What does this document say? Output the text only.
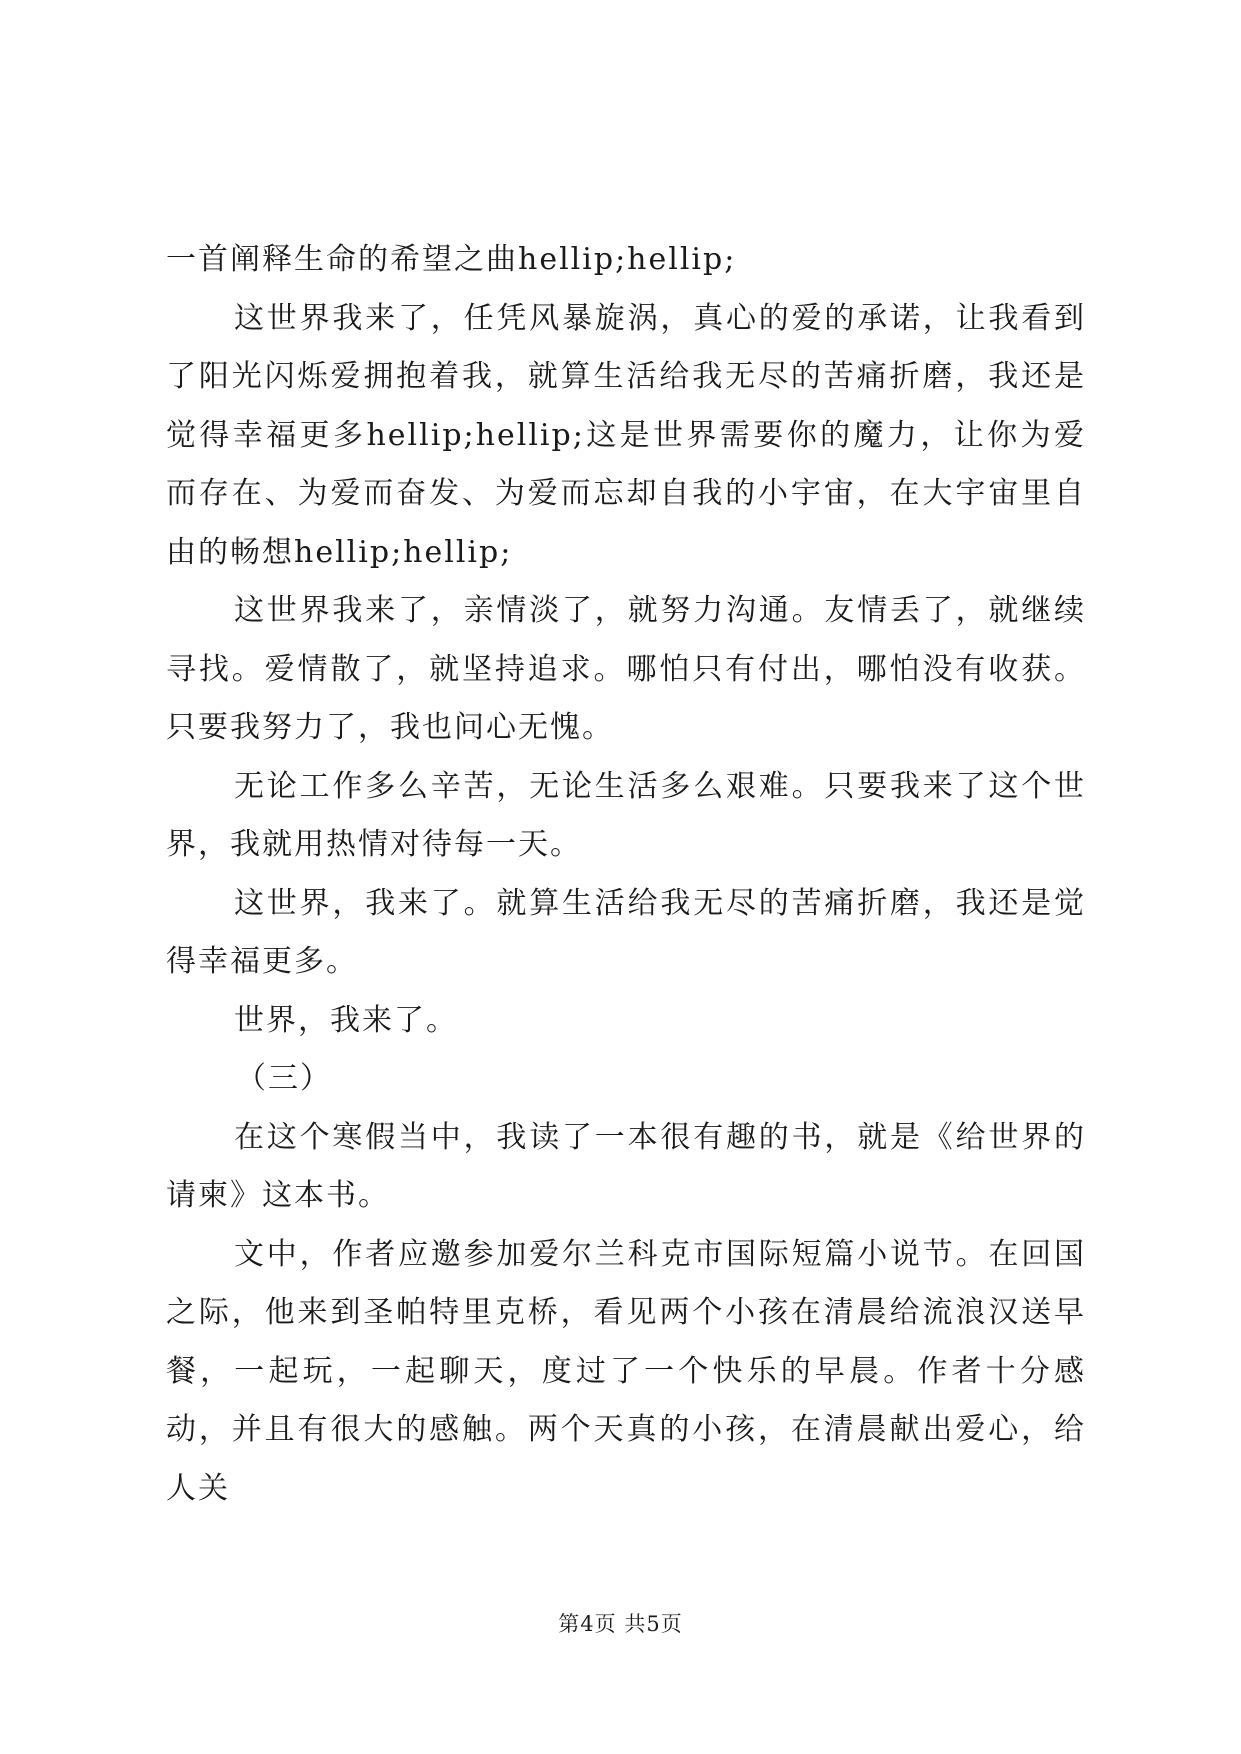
一首阐释生命的希望之曲hellip;hellip;

这世界我来了，任凭风暴旋涡，真心的爱的承诺，让我看到了阳光闪烁爱拥抱着我，就算生活给我无尽的苦痛折磨，我还是觉得幸福更多hellip;hellip;这是世界需要你的魔力，让你为爱而存在、为爱而奋发、为爱而忘却自我的小宇宙，在大宇宙里自由的畅想hellip;hellip;

这世界我来了，亲情淡了，就努力沟通。友情丢了，就继续寻找。爱情散了，就坚持追求。哪怕只有付出，哪怕没有收获。只要我努力了，我也问心无愧。

无论工作多么辛苦，无论生活多么艰难。只要我来了这个世界，我就用热情对待每一天。

这世界，我来了。就算生活给我无尽的苦痛折磨，我还是觉得幸福更多。

世界，我来了。

（三）

在这个寒假当中，我读了一本很有趣的书，就是《给世界的请柬》这本书。

文中，作者应邀参加爱尔兰科克市国际短篇小说节。在回国之际，他来到圣帕特里克桥，看见两个小孩在清晨给流浪汉送早餐，一起玩，一起聊天，度过了一个快乐的早晨。作者十分感动，并且有很大的感触。两个天真的小孩，在清晨献出爱心，给人关

第4页 共5页
